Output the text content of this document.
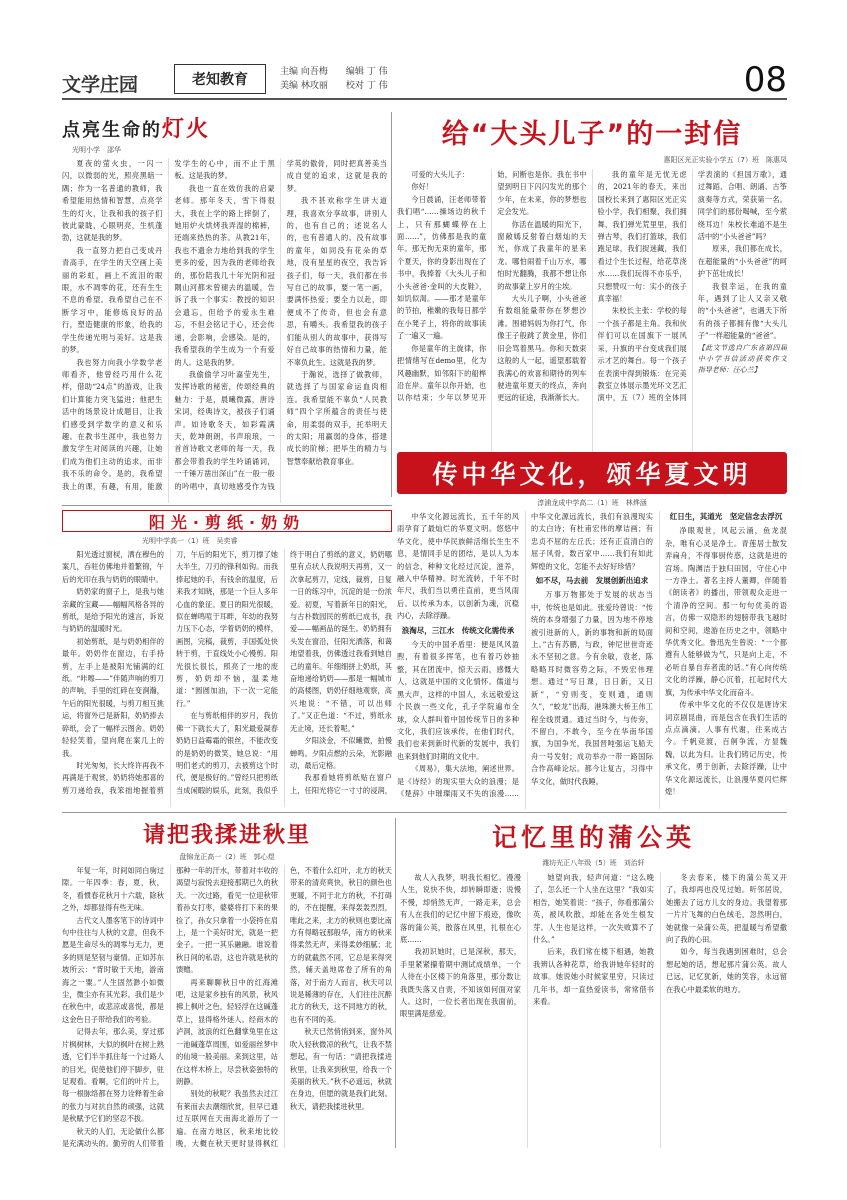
文学庄园	老知教育	主编 向吾梅　　编辑 丁 伟
美编 林攻丽　　校对 丁 伟	08
点亮生命的灯火
光明小学　邵华

夏夜的萤火虫，一闪一闪，以微弱的光，照亮黑暗一隅；作为一名普通的教师，我希望能用热情和智慧，点亮学生的灯火，让我和我的孩子们彼此蒙眬，心眼明亮，生机蓬勃，这就是我的梦。

我一直努力把自己变成丹青高手，在学生的天空画上美丽的彩虹，画上不流泪的眼眼，水不凋零的花，还有生生不息的希望。我希望自己在不断学习中，能修炼良好的品行，塑造健康的形象，给我的学生传递光明与美好。这是我的梦。

我也努力向我小学数学老师看齐，他曾经巧用什么花样，借助“24点”的游戏，让我们计算能力突飞猛进；他把生活中的场景设计成题目，让我们感受到学数学的意义和乐趣。在教书生涯中，我也努力激发学生对阅读的兴趣，让她们成为他们主动的追求，而非我不乐的命令。是的，我希望我上的课，有趣，有用，能激发学生的心中，而不止于黑板。这是我的梦。

我也一直在效仿我的启蒙老师。那年冬天，雪下得很大，我在上学的路上摔倒了，她用炉火烘烤我弄湿的棉裤，还端来热热的茶。从教21年，我也不遗余力地给到我的学生更多的爱，因为我的老师给我的，那份陪我几十年光阴和冠隅山河都未曾褪去的温暖，告诉了我一个事实：教授的知识会遗忘，但给予的爱永生难忘，不但会铭记于心，还会传递，会影响，会感染。是的，我希望我的学生成为一个有爱的人。这是我的梦。

我偷偷学习叶嘉莹先生，发挥诗歌的秘密，传颂经典的魅力：于是，晨曦微露，唐诗宋词，经典诗文，被孩子们诵声。如诗歌冬天，如彩霞满天，乾坤朗朗，书声琅琅，一首首诗歌文老师的每一天，我都会带着我的学生吟诵诵词，一千锤万凿出深山”在一般一般的吟唱中，真切地感受作为钱学英的傲骨，同时把真善美当成自觉的追求，这就是我的梦。

我不甚欢称学生讲大道理，我喜欢分享故事，讲别人的，也有自己的；述说名人的，也有普通人的。没有故事的童年，如同没有花朵的草地，没有星星的夜空，我告诉孩子们，每一天，我们都在书写自己的故事，要一笔一画，要满怀热爱；要全力以赴，即便成不了传奇，但也会有意思，有嚼头。我希望我的孩子们能从别人的故事中，获得写好自己故事的热情和力量，能不辜负此生。这就是我的梦。

于瀚说，选择了做教师，就选择了与国家命运血肉相连。我希望能不辜负“人民教师”四个字所蕴含的责任与使命，用柔弱的双手，托举明天的太阳；用赢弱的身体，搭建成长的阶梯；把毕生的精力与智慧奉献给教育事业。

给“大头儿子”的一封信
惠阳区光正实验小学五（7）班　陈惠凤

可爱的大头儿子：

你好！

今日晨诵，汪老师带着我们唱“……操场边的秋千上，只有那蝴蝶停在上面……”，仿佛那是我的童年。那无拘无束的童年，那个夏天，你的身影出现在了书中，我捧着《大头儿子和小头爸爸·金叫的大皮鞋》，如饥似渴。——那才是童年的节拍，稚嫩的我每日都学在小凳子上，将你的故事读了一遍又一遍。

你是童年的主旋律，你把情绪写在demo里，化为风趣幽默，如邻阳下的船桦沿在岸。童年以你开始，也以你结束；少年以梦见开始，问断也是你。我在书中望到明日下闪闪发光的那个少年，在未来，你的梦想也定会发光。

你活在温暖的阳光下，窗敞嫣反射着白烟灿的天光，你成了我童年的星来龙。哪怕闹着千山万水，哪怕时光翻腾，我都不想让你的故事蒙上岁月的尘埃。

大头儿子啊，小头爸爸有数组能量带你在梦想沙滩。围裙妈妈为你打气，你像王子般跳了黄金里，你们旧会骂着黑马。你和天数束这般的人一起，遥望那载着我满心的欢喜和期待的列车驶进童年夏天的终点，奔向更远的征途，我渐渐长大。

我的童年是无忧无虑的，2021年的春天，来出国校长来到了惠阳区光正实验小学，我们相聚，我们拥舞，我们弹光荒里里，我们弹古琴，我们打篮球，我们跑足球，我们捉迷藏，我们看过个生长过程，给花草浇水……我们玩得不亦乐乎，只想赞叹一句：实小的孩子真幸福！

朱校长主张：学校的每一个孩子都是主角。我和伙伴们可以在国旗下一展风采，升旗的平台变成我们展示才艺的舞台。每一个孩子在表演中得到锻炼：在完美教室立体展示墨光环文艺汇演中，五（7）班的全体同学表演的《担国万歌》，通过舞蹈、合唱、朗诵、古筝演奏等方式，荣获第一名。同学们的那份喝喊，至今萦绕耳边！朱校长难道不是生活中的“小头爸爸”吗？

原来，我们都在成长，在超能量的“小头爸爸”的呵护下茁壮成长！

我很幸运，在我的童年，遇到了让人又亲又敬的“小头爸爸”，也遇天下所有的孩子都拥有像“大头儿子”一样超能量的“爸爸”。

【此文节选自广东省第四届中小学书信活动获奖作文　指导老师：汪心兰】

阳光·剪纸·奶奶
光明中学高一（1）班　吴奕睿

阳光透过窗棂，洒在穆色的案几，吞驻仿佛地并着繁锦，午后的光印在我与奶奶的眼睛中。

奶奶家的窗子上，是我与她亲藏的宝藏——幅幅风格各异的剪纸，是给予阳光的速言，诉说与奶奶的温暖时光。

初始剪纸，是与奶奶相伴的最年。奶奶作在窗边，右手持剪，左手上是被阳光铺满的红纸。“咔嚓——”伴随声响的剪刀的声响，手里的红碎在变涧瀚，午后的阳光很暖，与剪刀相互挑运，将窗外已是新阳，奶奶捧去碎纸，会了一幅样云图舍。奶奶轻轻笑着，望向爬在案几上的我。

时光匆匆，长大终许再我不再满是于观赏，奶奶将她那喜的剪刀递给我，我笨拙地握着剪刀，午后的阳光下，剪刀撑了她大半生，刀刃的锋利如钩。而我捧起她的手，有钱余的温度，后来我才知晓，那是一个巨人多年心血的象征。夏日的阳光很暖，似在蝉鸣喧于耳畔，年幼的我努力压下心态，学着奶奶的模样，画图，完稿，裁剪，手国弧处快转于剪，于直线处小心慢剪。阳光很长很长，照亮了一地的废剪，奶奶却不恼，温柔地道：“圆圆加油，下一次一定能行。”

在与剪纸相伴的岁月，我仿佛一下就长大了，阳光最爱凝春奶奶日益霉霜的银丝，不能改变的是奶奶的微笑，她总说：“用明们老式的剪刀，去被剪这个时代，便是极好的。”曾经只把剪纸当成闲暇的娱乐，此刻，我似乎终于明白了剪纸的意义，奶奶哪里有点状人我说明天再剪，又一次拿起剪刀，定线，裁剪，日复一日的练习中，沉淀的是一份浓爱。初夏，写着新年日的阳光，与古朴数园民的剪纸已成书，我爱——幅画品的诞生。奶奶拥有头发在窗沿，任阳光洒落，和蔼地望着我，仿佛透过我看到她自己的童年。年细细拼上奶纸，其奋地递给奶奶——那是一幅城市的高楼图，奶奶仔细地观察，高兴地说：“不错，可以出师了。”又正色道：“不过，剪纸永无止境，还长着呢。”

夕阳淡金，不似曦微，拍慢蝉鸣。夕阳点燃的云朵，光影融动，最后定格。

我那看她将剪纸贴在窗户上，任阳光将它一寸寸的浸润，

传中华文化，颂华夏文明
淳浦龙成中学高二（1）班　林烨涵

中华文化源远流长，五千年的风雨孕育了最灿烂的华夏文明。悠悠中华文化，使中华民族鲜活绵长生生不息，是情同手足的团结，是以人为本的信念，种种文化经过沉淀，滋养，融入中华精神。时光流转，千年不时年尺，我们当以勇往直前，更当风雨后。以传承为本，以创新为魂，沉稳内心，去除浮躁。

浪淘尽，三江水　传统文化需传承

今天的中国矛盾里：便是风风盈煦，有着很多挥笔，也有着巧妙抽整，其在团流中，惊天云雨，感慨大人，这就是中国的文化情怀。儒道与黑大声，这样的中国人，永远敬爱这个民族一些文化，孔子学院遍布全球，众人群叫着中国传统节日的多种文化，我们应该承传，在他们时代，我们也来到新时代新的发展中，我们也来到他们时期的文化中。

《周易》，集大法地，阐述世界。是《诗经》的现实里大众的浪漫；是《楚辞》中璀璨雨又不失的浪漫……中华文化源远流长，我们有浪漫现实的太白诗；有杜甫宏伟的摩诘画；有忠贞不屈的左丘氏；还有正直清白的屈子风骨，数百家中……我们有如此辉煌的文化，怎能不去好好珍惜？

如不尽，马去前　发展创新出追求

万事万物都处于发展的状态当中，传统也是如此。张爱玲曾说：“传统的本身增强了力量，因为地不停地被引进新的人，新的事物和新的局面上。”古有苏鹏，与政，钟尼世世奇迹永不坚韧之意。今有余敏，袁老，陈略略耳时微容势之际，不毁宏伟理想。通过“写日课，日日新，又日新”，“穷则变，变则通，通则久”，“蛟龙”出海，港珠澳大桥王伟工程全线贯通。通过当时今，与传旁，不留白，不敢今，至今在华南华国旗，为国争光，我国晋吨强运飞船天舟一号发射；成功举办一带一路国际合作高峰论坛。都今让复古，习得中华文化，做时代我睡。

红日生，其道光　坚定信念去浮沉

净眼观世，风起云涌，鱼龙混杂，唯有心灵是净土。青莲居士散发弄扁舟，不得事厨传惑，这就是进的宫场。陶渊洁于独归田园，守住心中一方净土。著名主持人董卿，伴随着《朗读者》的播出，带领观众走进一个清净的空间。那一句句优美的语言，仿佛一双隐形的翅膀带我飞越时间和空间，遨游在历史之中，领略中华优秀文化。鲁迅先生曾说：“一个都遵有人能够做为气，只是向上走，不必听自暴自弃者流的话。”有心向传统文化的浮躁，静心沉着，扛起时代大旗，为传承中华文化而奋斗。

传承中华文化的不仅仅是唐诗宋词京剧昆曲，而是包含在我们生活的点点滴滴。人事有代谢，往来成古今。千帆竞渡，百舸争流，方显魏魏，以此为归。让我们铸记历史，传承文化，勇于创新，去除浮躁，让中华文化源远流长，让浪漫华夏闪烂辉煌！

请把我揉进秋里
盘锦龙正高一（2）班　郭心煜

年复一年，时间如同白驹过隙。一年四季：春，夏，秋，冬，看惯春花秋月十六载，除秋之外，却都显得有些无味。

古代文人墨客笔下的诗词中句中往往与人秋的文意，但我不愿是生命尽头的凋零与无力，更多的则是坚韧与豪情。正如苏东坡所云：“背时敏于天地，游南海之一粟。”人生固然渺小如微尘，微尘亦有其光彩。我们是少在秋色中，或悲凉或喜悦，都是这金色日子带给我们的考验。

记得去年，那么美，穿过那片枫树林，大似的枫叶在树上熟透，它们半半抓住每一个过路人的目光，促使他们停下脚步，驻足观看。看啊，它们的叶片上，每一根脉络都在努力诠释着生命的张力与对抗自然的顽强，这就是秋赋予它们的坚忍不拔。

秋天的人们，无论做什么都是充满动头的。勤劳的人们带着那种一年的汗水，带着对丰收的渴望与寂悦去迎接那期已久的秋天。一次过路，看见一位迎秋带着孙女打枣，婆婆将打下来的果捡了，孙女只拿着一小袋挎在肩上，是一个美好时光，就是一把金子。一把一其乐融融。谁说着秋日间的私语，这也许就是秋的馈赠。

再来聊聊秋日中的红海滩吧，这是家乡独有的风景，秋风拂上枫叶之色，轻轻浮在这碱蓬草上，显得格外迷人。经商木的泸洞，波浪的红色翻掌兔里在这一池碱蓬草周围，如爱丽丝梦中的仙境一般美丽。来到这里，站在这样木桥上，尽尝秋姿独特的朗静。

别处的秋呢？我虽然去过江有莱而去去潮细欣赏，但早已通过互联网在天南海北游历了一遍。在南方地区，秋来地比较晚，大概在秋天更时显得枫红色，不着什么红叶，北方的秋天带来的清亮爽快，秋日的颜色也更暖，不同于北方的秋，不打碍的，不在提醒，来得轰轰烈烈，唯此之来，北方的秋则也要比南方有得略冠那般华，南方的秋来得柔然无声，来得柔妙细腻；北方的就截然不同，它总是来得突然，辅天盖地席卷了所有的角落，对于南方人而言，秋天可以说是稀薄的存在，人们往往沉醉北方的秋天，这不同地方的秋，也有不同的美。

秋天已然悄悄到来，窗外风吹入轻秋微凉的秋气，让我不禁想起，有一句话：“请把我揉进秋里，让我来到秋里，给我一个美丽的秋天。”秋不必遥远，秋就在身边，但愿的就是我们此刻。秋天，请把我揉进秋里。

记忆里的蒲公英
潍坊光正八年级（5）班　刘治轩

故人入我梦，明我长相忆。漫漫人生，说快不快，却转瞬即逝；说慢不慢，却悄然无声，一路走来，总会有人在我们的记忆中留下痕迹，像吹落的蒲公英，散落在风里，扎根在心底……

我初识她时，已是深秋，那天，手里紧紧攥着期中测试成绩单，一个人待在小区楼下的角落里，那分数让我既失落又自责，不知该如何面对家人。这时，一位长者出现在我面前，眼里满是慈爱。

她望向我，轻声问道：“这么晚了，怎么还一个人坐在这里？”我如实相告，她笑着说：“孩子，你看那蒲公英，被风吹散，却能在各处生根发芽。人生也是这样，一次失败算不了什么。”

后来，我们常在楼下相遇，她教我辨认各种花草，给我讲她年轻时的故事。她说她小时候家里穷，只读过几年书，却一直热爱读书，常常借书来看。

冬去春来，楼下的蒲公英又开了，我却再也没见过她。听邻居说，她搬去了远方儿女的身边。我望着那一片片飞舞的白色绒毛，忽然明白，她就像一朵蒲公英，把温暖与希望撒向了我的心田。

如今，每当我遇到困难时，总会想起她的话，想起那片蒲公英。故人已远，记忆犹新，她的笑容，永远留在我心中最柔软的地方。
